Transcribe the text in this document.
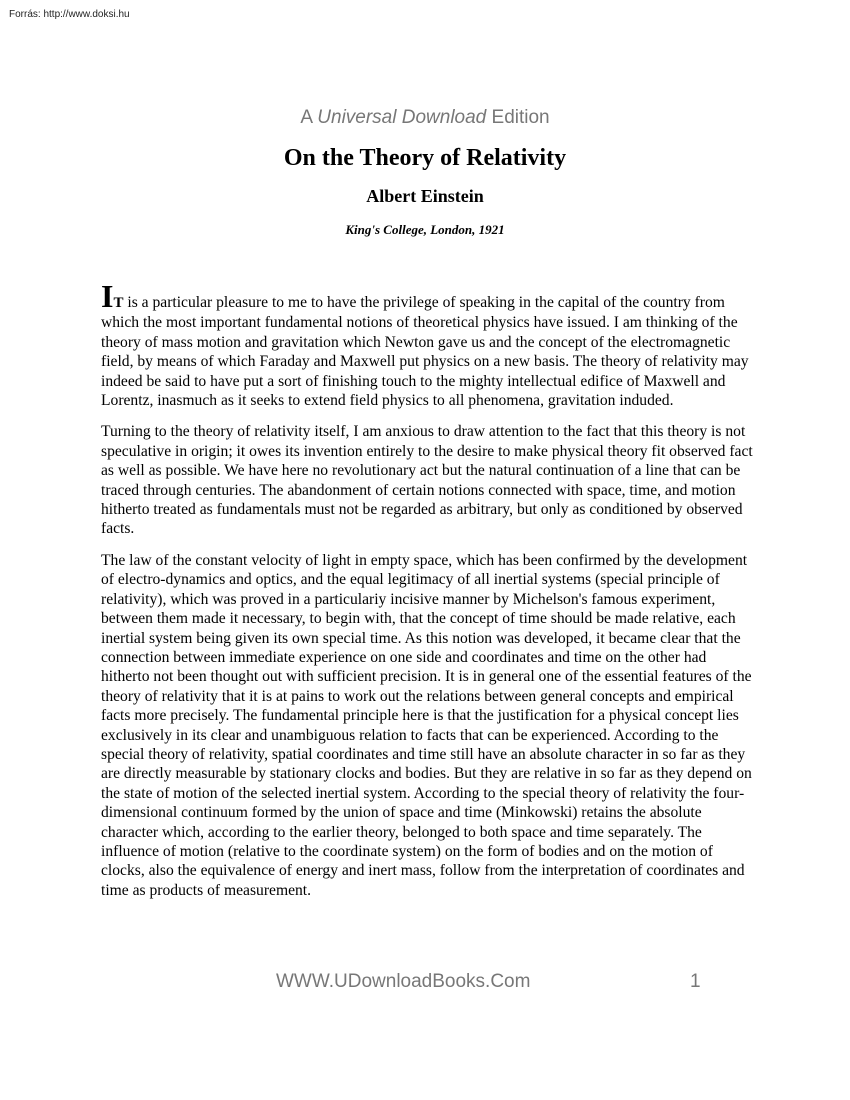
Forrás: http://www.doksi.hu
A Universal Download Edition
On the Theory of Relativity
Albert Einstein
King's College, London, 1921

IT is a particular pleasure to me to have the privilege of speaking in the capital of the country from which the most important fundamental notions of theoretical physics have issued. I am thinking of the theory of mass motion and gravitation which Newton gave us and the concept of the electromagnetic field, by means of which Faraday and Maxwell put physics on a new basis. The theory of relativity may indeed be said to have put a sort of finishing touch to the mighty intellectual edifice of Maxwell and Lorentz, inasmuch as it seeks to extend field physics to all phenomena, gravitation induded.

Turning to the theory of relativity itself, I am anxious to draw attention to the fact that this theory is not speculative in origin; it owes its invention entirely to the desire to make physical theory fit observed fact as well as possible. We have here no revolutionary act but the natural continuation of a line that can be traced through centuries. The abandonment of certain notions connected with space, time, and motion hitherto treated as fundamentals must not be regarded as arbitrary, but only as conditioned by observed facts.

The law of the constant velocity of light in empty space, which has been confirmed by the development of electro-dynamics and optics, and the equal legitimacy of all inertial systems (special principle of relativity), which was proved in a particulariy incisive manner by Michelson's famous experiment, between them made it necessary, to begin with, that the concept of time should be made relative, each inertial system being given its own special time. As this notion was developed, it became clear that the connection between immediate experience on one side and coordinates and time on the other had hitherto not been thought out with sufficient precision. It is in general one of the essential features of the theory of relativity that it is at pains to work out the relations between general concepts and empirical facts more precisely. The fundamental principle here is that the justification for a physical concept lies exclusively in its clear and unambiguous relation to facts that can be experienced. According to the special theory of relativity, spatial coordinates and time still have an absolute character in so far as they are directly measurable by stationary clocks and bodies. But they are relative in so far as they depend on the state of motion of the selected inertial system. According to the special theory of relativity the four-dimensional continuum formed by the union of space and time (Minkowski) retains the absolute character which, according to the earlier theory, belonged to both space and time separately. The influence of motion (relative to the coordinate system) on the form of bodies and on the motion of clocks, also the equivalence of energy and inert mass, follow from the interpretation of coordinates and time as products of measurement.

WWW.UDownloadBooks.Com	1
